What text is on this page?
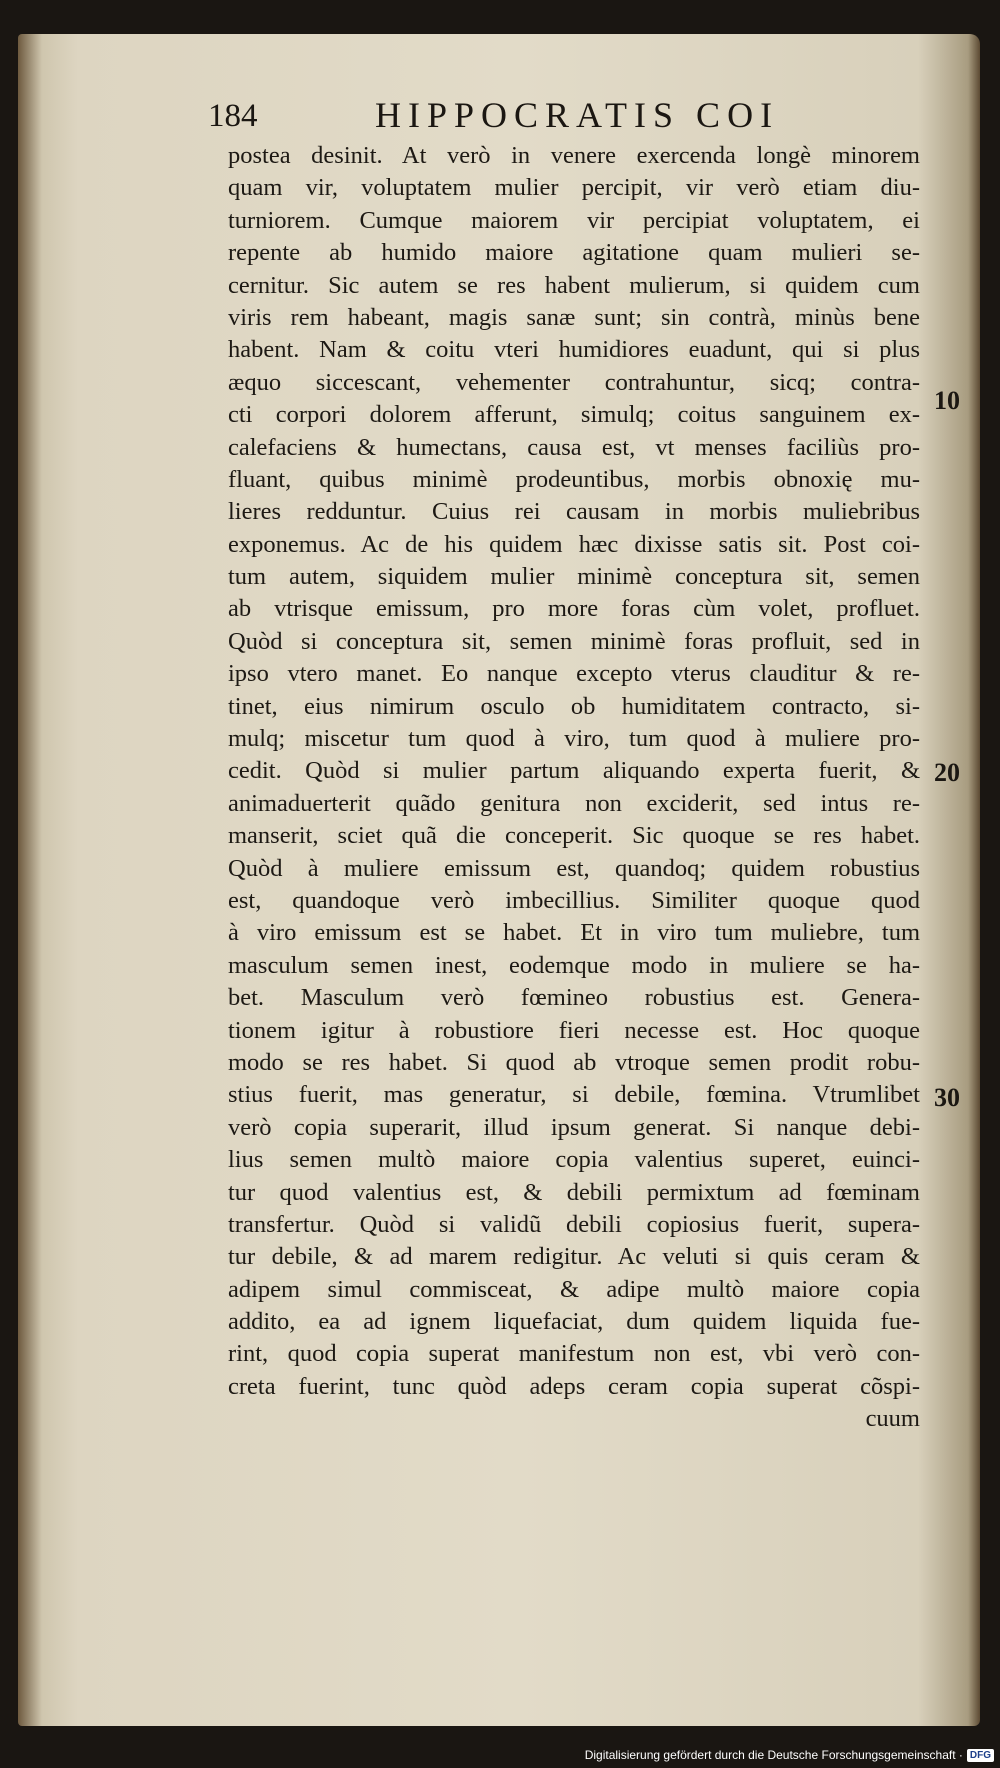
184	HIPPOCRATIS COI
postea desinit. At verò in venere exercenda longè minorem
quam vir, voluptatem mulier percipit, vir verò etiam diu-
turniorem. Cumque maiorem vir percipiat voluptatem, ei
repente ab humido maiore agitatione quam mulieri se-
cernitur. Sic autem se res habent mulierum, si quidem cum
viris rem habeant, magis sanæ sunt; sin contrà, minùs bene
habent. Nam & coitu vteri humidiores euadunt, qui si plus
æquo siccescant, vehementer contrahuntur, sicq; contra-
cti corpori dolorem afferunt, simulq; coitus sanguinem ex-
calefaciens & humectans, causa est, vt menses faciliùs pro-
fluant, quibus minimè prodeuntibus, morbis obnoxię mu-
lieres redduntur. Cuius rei causam in morbis muliebribus
exponemus. Ac de his quidem hæc dixisse satis sit. Post coi-
tum autem, siquidem mulier minimè conceptura sit, semen
ab vtrisque emissum, pro more foras cùm volet, profluet.
Quòd si conceptura sit, semen minimè foras profluit, sed in
ipso vtero manet. Eo nanque excepto vterus clauditur & re-
tinet, eius nimirum osculo ob humiditatem contracto, si-
mulq; miscetur tum quod à viro, tum quod à muliere pro-
cedit. Quòd si mulier partum aliquando experta fuerit, &
animaduerterit quãdo genitura non exciderit, sed intus re-
manserit, sciet quã die conceperit. Sic quoque se res habet.
Quòd à muliere emissum est, quandoq; quidem robustius
est, quandoque verò imbecillius. Similiter quoque quod
à viro emissum est se habet. Et in viro tum muliebre, tum
masculum semen inest, eodemque modo in muliere se ha-
bet. Masculum verò fœmineo robustius est. Genera-
tionem igitur à robustiore fieri necesse est. Hoc quoque
modo se res habet. Si quod ab vtroque semen prodit robu-
stius fuerit, mas generatur, si debile, fœmina. Vtrumlibet
verò copia superarit, illud ipsum generat. Si nanque debi-
lius semen multò maiore copia valentius superet, euinci-
tur quod valentius est, & debili permixtum ad fœminam
transfertur. Quòd si validũ debili copiosius fuerit, supera-
tur debile, & ad marem redigitur. Ac veluti si quis ceram &
adipem simul commisceat, & adipe multò maiore copia
addito, ea ad ignem liquefaciat, dum quidem liquida fue-
rint, quod copia superat manifestum non est, vbi verò con-
creta fuerint, tunc quòd adeps ceram copia superat cõspi-
cuum
10
20
30
Digitalisierung gefördert durch die Deutsche Forschungsgemeinschaft · DFG
